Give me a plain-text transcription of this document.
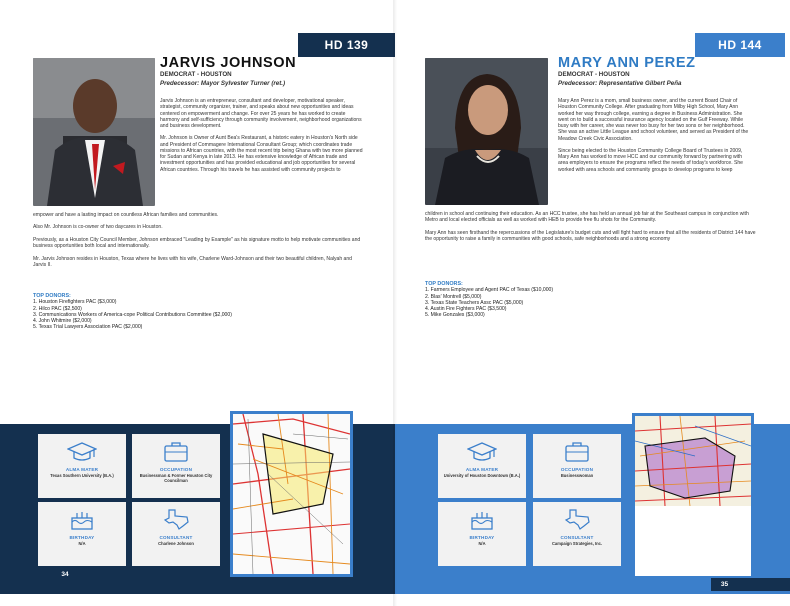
HD 139
JARVIS JOHNSON
DEMOCRAT - HOUSTON
Predecessor: Mayor Sylvester Turner (ret.)

Jarvis Johnson is an entrepreneur, consultant and developer, motivational speaker, strategist, community organizer, trainer, and speaks about new opportunities and ideas centered on empowerment and change. For over 25 years he has worked to create harmony and self-sufficiency through community involvement, neighborhood organizations and business development.

Mr. Johnson is Owner of Aunt Bea's Restaurant, a historic eatery in Houston's North side and President of Commagere International Consultant Group; which coordinates trade missions to African countries, with the most recent trip being Ghana with two more planned for Sudan and Kenya in late 2013. He has extensive knowledge of African trade and investment opportunities and has provided educational and job opportunities for several African countries. Through his travels he has assisted with community projects to

empower and have a lasting impact on countless African families and communities.

Also Mr. Johnson is co-owner of two daycares in Houston.

Previously, as a Houston City Council Member, Johnson embraced "Leading by Example" as his signature motto to help motivate communities and business opportunities both local and internationally.

Mr. Jarvis Johnson resides in Houston, Texas where he lives with his wife, Charlene Ward-Johnson and their two beautiful children, Nalyah and Jarvis II.

TOP DONORS:
1. Houston Firefighters PAC ($3,000)
2. Hilco PAC ($2,500)
3. Communications Workers of America-cope Political Contributions Committee ($2,000)
4. John Whitmire ($2,000)
5. Texas Trial Lawyers Association PAC ($2,000)
ALMA MATER
Texas Southern University (B.A.)
OCCUPATION
Businessman & Former Houston City Councilman
BIRTHDAY
N/A
CONSULTANT
Charlene Johnson
34
HD 144
MARY ANN PEREZ
DEMOCRAT - HOUSTON
Predecessor: Representative Gilbert Peña

Mary Ann Perez is a mom, small business owner, and the current Board Chair of Houston Community College. After graduating from Milby High School, Mary Ann worked her way through college, earning a degree in Business Administration. She went on to build a successful insurance agency located on the Gulf Freeway. While busy with her career, she was never too busy for her two sons or her neighborhood. She was an active Little League and school volunteer, and served as President of the Meadow Creek Civic Association.

Since being elected to the Houston Community College Board of Trustees in 2009, Mary Ann has worked to move HCC and our community forward by partnering with area employers to ensure the programs reflect the needs of today's workforce. She worked with area schools and community groups to develop programs to keep

children in school and continuing their education. As an HCC trustee, she has held an annual job fair at the Southeast campus in conjunction with Metro and local elected officials as well as worked with HEB to provide free flu shots for the Community.

Mary Ann has seen firsthand the repercussions of the Legislature's budget cuts and will fight hard to ensure that all the residents of District 144 have the opportunity to raise a family in communities with good schools, safe neighborhoods and a strong economy

TOP DONORS:
1. Farmers Employee and Agent PAC of Texas ($10,000)
2. Blas' Montrell ($5,000)
3. Texas State Teachers Assc PAC ($5,000)
4. Austin Fire Fighters PAC ($3,500)
5. Mike Gonzales ($3,000)
ALMA MATER
University of Houston Downtown (B.A.)
OCCUPATION
Businesswoman
BIRTHDAY
N/A
CONSULTANT
Campaign Strategies, Inc.
35
